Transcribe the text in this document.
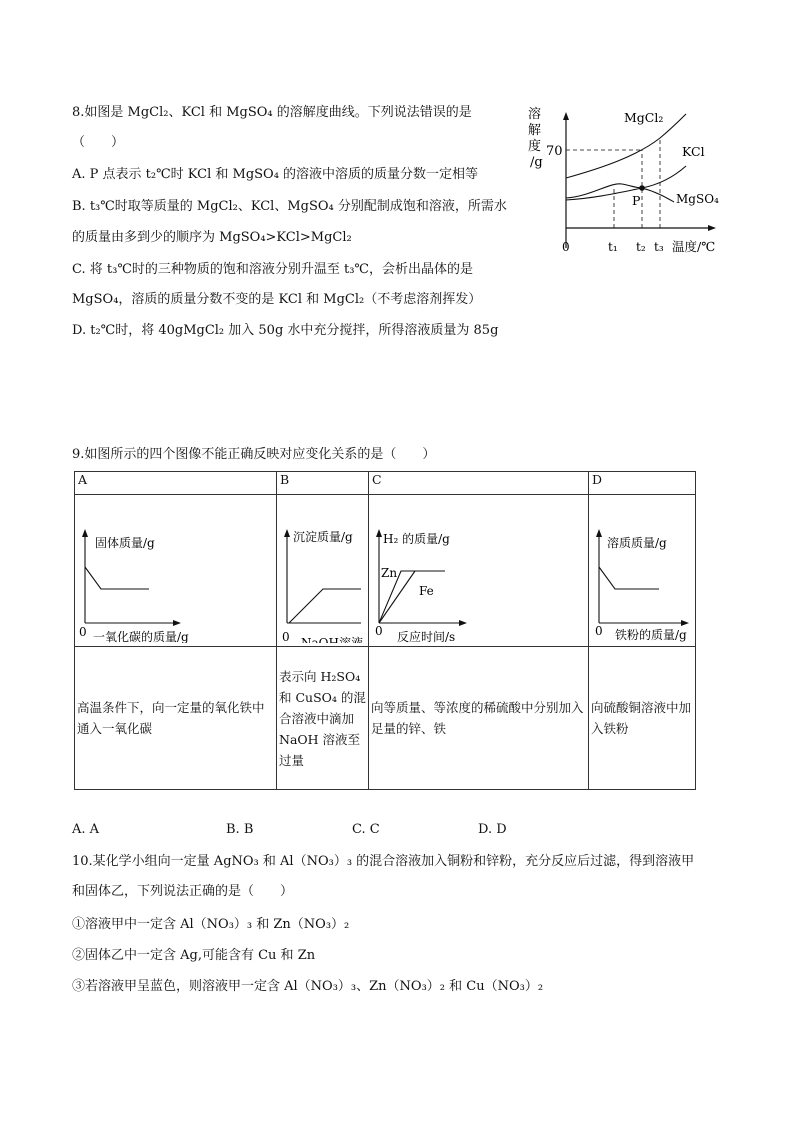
8.如图是 MgCl₂、KCl 和 MgSO₄ 的溶解度曲线。下列说法错误的是
（　　）
A. P 点表示 t₂℃时 KCl 和 MgSO₄ 的溶液中溶质的质量分数一定相等
B. t₃℃时取等质量的 MgCl₂、KCl、MgSO₄ 分别配制成饱和溶液，所需水
的质量由多到少的顺序为 MgSO₄>KCl>MgCl₂
C. 将 t₃℃时的三种物质的饱和溶液分别升温至 t₃℃，会析出晶体的是
MgSO₄，溶质的质量分数不变的是 KCl 和 MgCl₂（不考虑溶剂挥发）
D. t₂℃时，将 40gMgCl₂ 加入 50g 水中充分搅拌，所得溶液质量为 85g
溶
解
度
/g
70
0	t₁ t₂ t₃ 温度/℃
MgCl₂
KCl
MgSO₄
P
9.如图所示的四个图像不能正确反映对应变化关系的是（　　）
A	B	C	D

固体质量/g
0 一氧化碳的质量/g	沉淀质量/g
0 NaOH溶液	H₂ 的质量/g
Zn
Fe
0 反应时间/s	溶质质量/g
0 铁粉的质量/g

高温条件下，向一定量的氧化铁中通入一氧化碳	表示向 H₂SO₄ 和 CuSO₄ 的混合溶液中滴加 NaOH 溶液至过量	向等质量、等浓度的稀硫酸中分别加入足量的锌、铁	向硫酸铜溶液中加入铁粉
A. A	B. B	C. C	D. D
10.某化学小组向一定量 AgNO₃ 和 Al（NO₃）₃ 的混合溶液加入铜粉和锌粉，充分反应后过滤，得到溶液甲
和固体乙，下列说法正确的是（　　）
①溶液甲中一定含 Al（NO₃）₃ 和 Zn（NO₃）₂
②固体乙中一定含 Ag,可能含有 Cu 和 Zn
③若溶液甲呈蓝色，则溶液甲一定含 Al（NO₃）₃、Zn（NO₃）₂ 和 Cu（NO₃）₂
